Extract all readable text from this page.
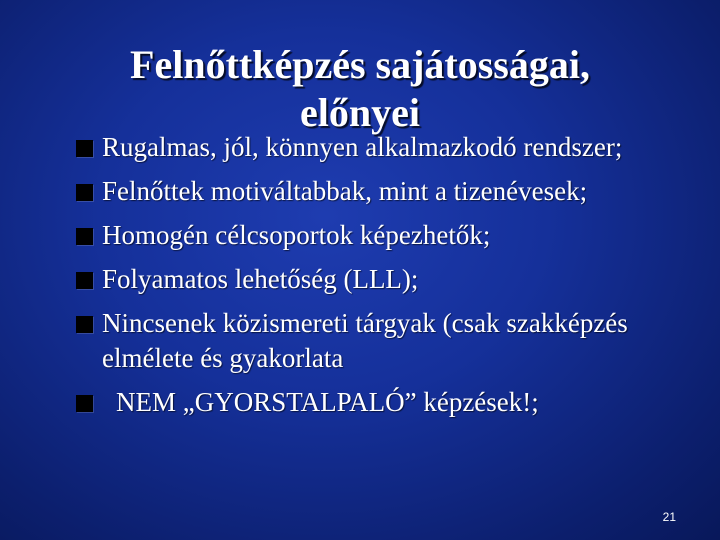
Felnőttképzés sajátosságai,
előnyei
Rugalmas, jól, könnyen alkalmazkodó rendszer;
Felnőttek motiváltabbak, mint a tizenévesek;
Homogén célcsoportok képezhetők;
Folyamatos lehetőség (LLL);
Nincsenek közismereti tárgyak (csak szakképzés elmélete és gyakorlata
NEM „GYORSTALPALÓ” képzések!;
21
